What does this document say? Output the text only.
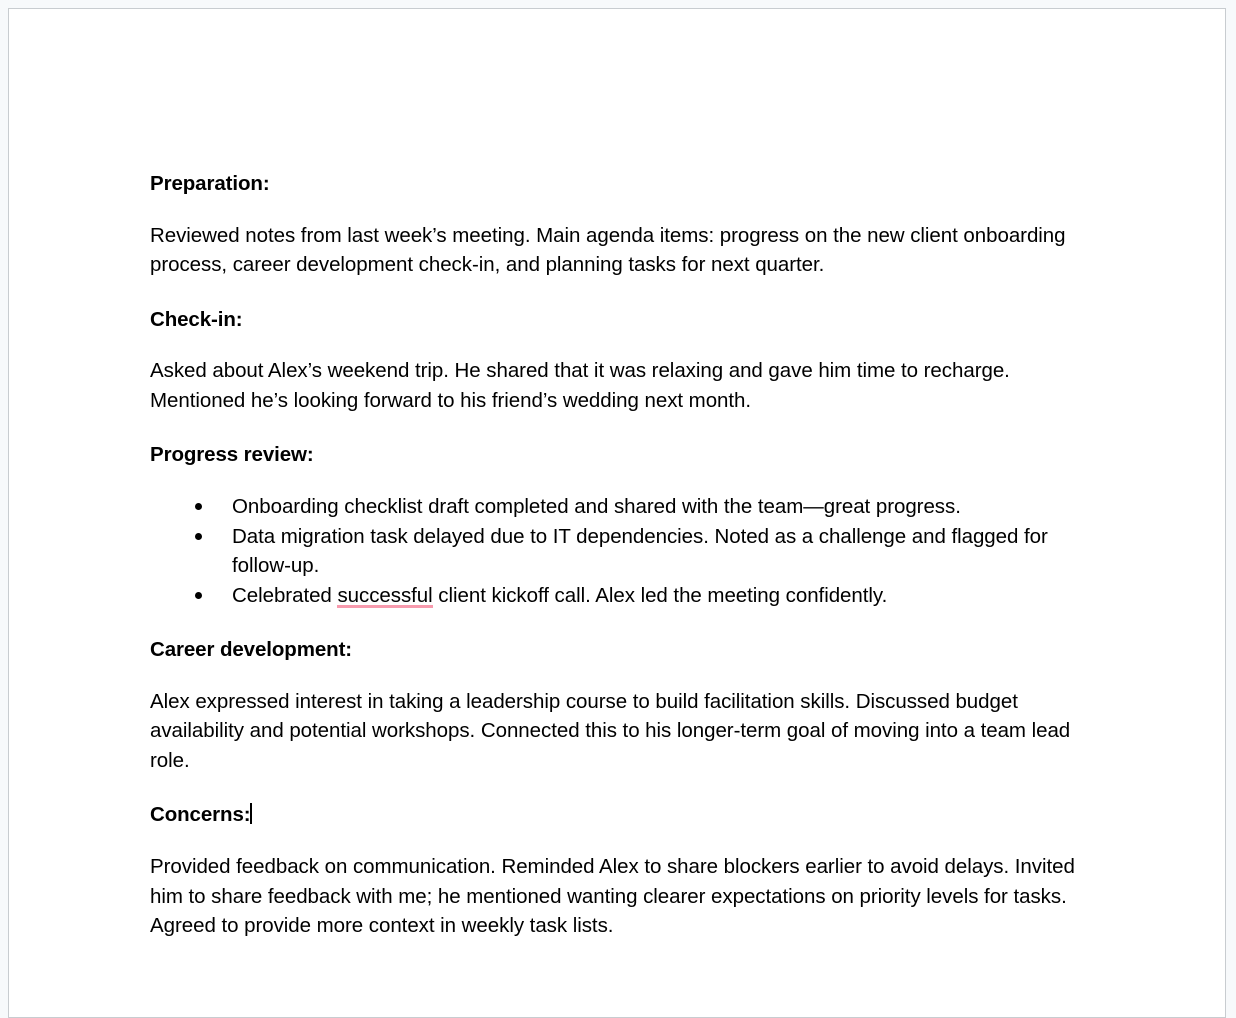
Preparation:
Reviewed notes from last week’s meeting. Main agenda items: progress on the new client onboarding process, career development check-in, and planning tasks for next quarter.
Check-in:
Asked about Alex’s weekend trip. He shared that it was relaxing and gave him time to recharge. Mentioned he’s looking forward to his friend’s wedding next month.
Progress review:
Onboarding checklist draft completed and shared with the team—great progress.
Data migration task delayed due to IT dependencies. Noted as a challenge and flagged for follow-up.
Celebrated successful client kickoff call. Alex led the meeting confidently.
Career development:
Alex expressed interest in taking a leadership course to build facilitation skills. Discussed budget availability and potential workshops. Connected this to his longer-term goal of moving into a team lead role.
Concerns:
Provided feedback on communication. Reminded Alex to share blockers earlier to avoid delays. Invited him to share feedback with me; he mentioned wanting clearer expectations on priority levels for tasks. Agreed to provide more context in weekly task lists.
